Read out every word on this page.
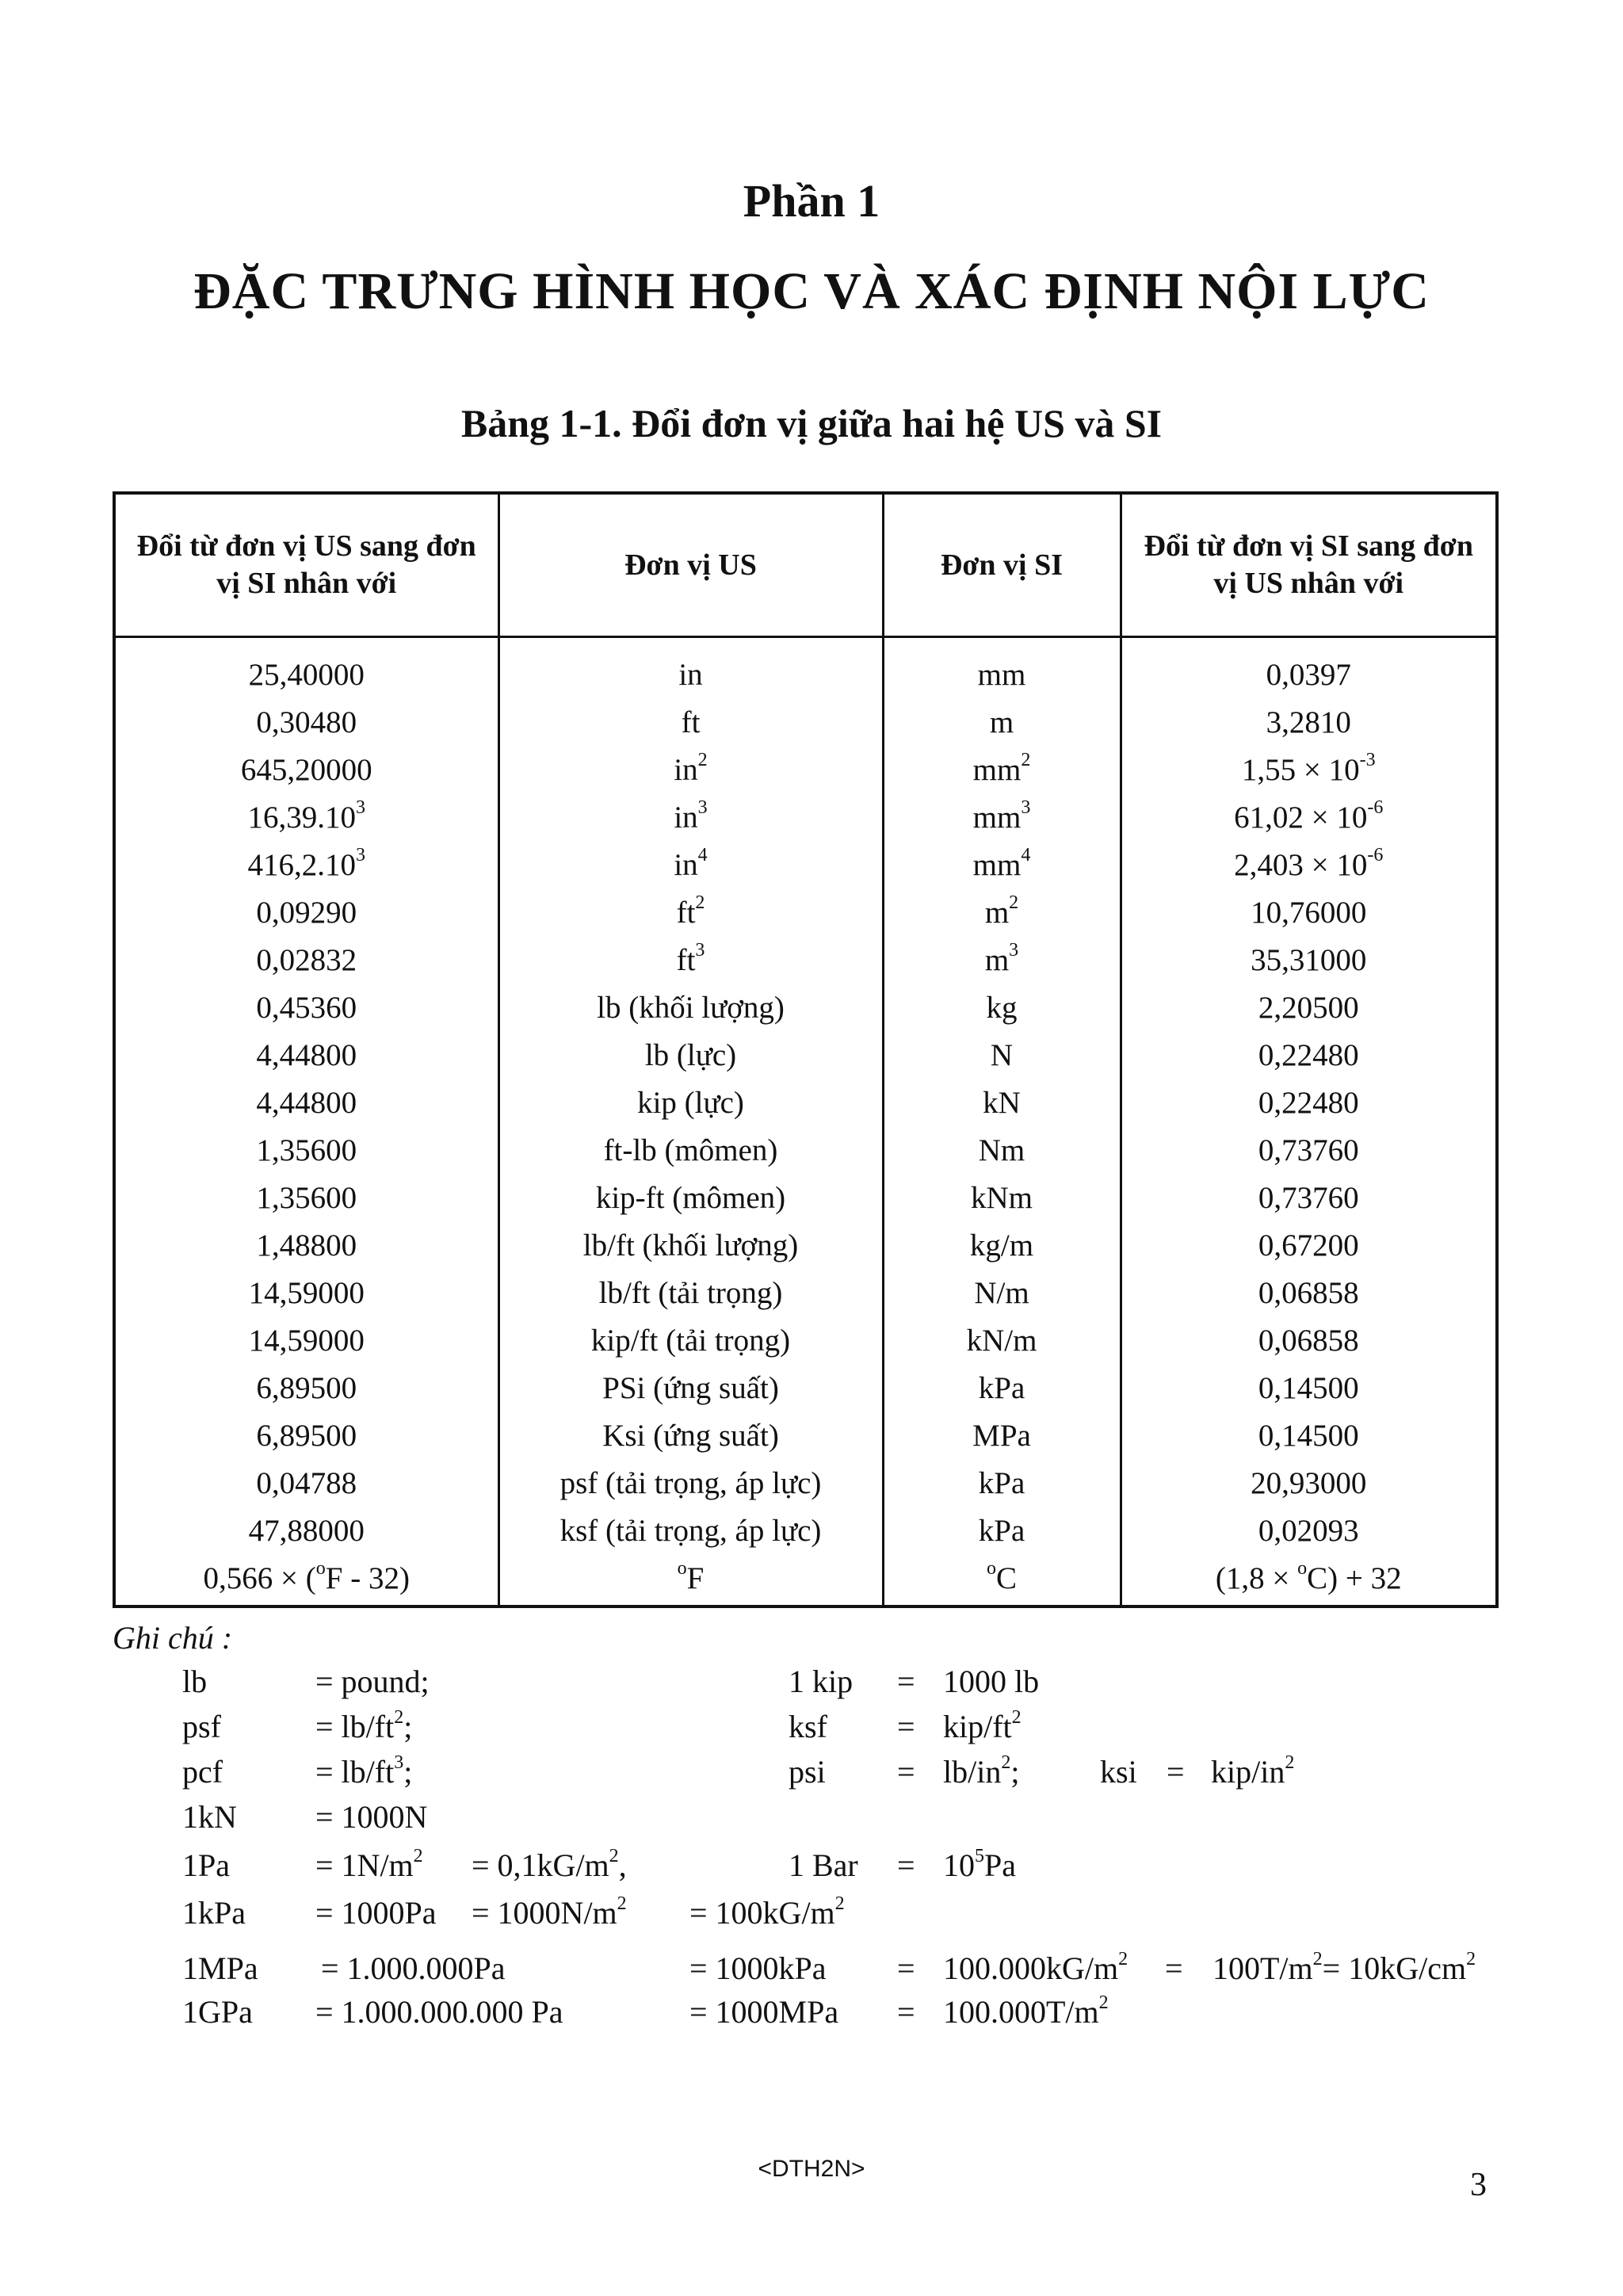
Phần 1
ĐẶC TRƯNG HÌNH HỌC VÀ XÁC ĐỊNH NỘI LỰC
Bảng 1-1. Đổi đơn vị giữa hai hệ US và SI
Đổi từ đơn vị US sang đơn vị SI nhân với	Đơn vị US	Đơn vị SI	Đổi từ đơn vị SI sang đơn vị US nhân với
25,40000	in	mm	0,0397
0,30480	ft	m	3,2810
645,20000	$in^2$	$mm^2$	$1,55 \times 10^{-3}$
16,39.10$^3$	$in^3$	$mm^3$	$61,02 \times 10^{-6}$
416,2.10$^3$	$in^4$	$mm^4$	$2,403 \times 10^{-6}$
0,09290	$ft^2$	$m^2$	10,76000
0,02832	$ft^3$	$m^3$	35,31000
0,45360	lb (khối lượng)	kg	2,20500
4,44800	lb (lực)	N	0,22480
4,44800	kip (lực)	kN	0,22480
1,35600	ft-lb (mômen)	Nm	0,73760
1,35600	kip-ft (mômen)	kNm	0,73760
1,48800	lb/ft (khối lượng)	kg/m	0,67200
14,59000	lb/ft (tải trọng)	N/m	0,06858
14,59000	kip/ft (tải trọng)	kN/m	0,06858
6,89500	PSi (ứng suất)	kPa	0,14500
6,89500	Ksi (ứng suất)	MPa	0,14500
0,04788	psf (tải trọng, áp lực)	kPa	20,93000
47,88000	ksf (tải trọng, áp lực)	kPa	0,02093
0,566 × ($^o$F - 32)	$^o$F	$^o$C	(1,8 × $^o$C) + 32
Ghi chú :
lb	= pound;	1 kip = 1000 lb
psf	= $lb/ft^2$;	ksf = kip/$ft^2$
pcf	= $lb/ft^3$;	psi = $lb/in^2$;	ksi = kip/$in^2$
1kN = 1000N
1Pa	= $1N/m^2 = 0,1kG/m^2$,	1 Bar = $10^5Pa$
$1kPa = 1000Pa = 1000N/m^2 = 100kG/m^2$
1MPa = 1.000.000Pa	= $1000kPa = 100.000kG/m^2 = 100T/m^2= 10kG/cm^2$
1GPa = 1.000.000.000 Pa	= $1000MPa = 100.000T/m^2$
<DTH2N>	3
